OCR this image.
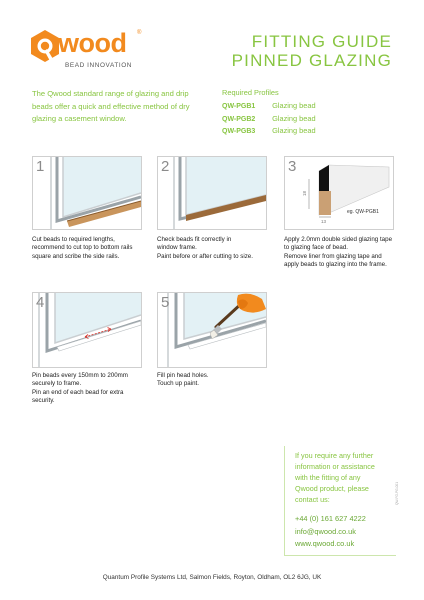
wood ®
BEAD INNOVATION
FITTING GUIDE
PINNED GLAZING
The Qwood standard range of glazing and drip
beads offer a quick and effective method of dry
glazing a casement window.
Required Profiles
QW-PGB1 Glazing bead
QW-PGB2 Glazing bead
QW-PGB3 Glazing bead
1
Cut beads to required lengths,
recommend to cut top to bottom rails
square and scribe the side rails.
2
Check beads fit correctly in
window frame.
Paint before or after cutting to size.
3
18
13
eg. QW-PGB1
Apply 2.0mm double sided glazing tape
to glazing face of bead.
Remove liner from glazing tape and
apply beads to glazing into the frame.
4
Pin beads every 150mm to 200mm
securely to frame.
Pin an end of each bead for extra
security.
5
Fill pin head holes.
Touch up paint.
If you require any further
information or assistance
with the fitting of any
Qwood product, please
contact us:
+44 (0) 161 627 4222
info@qwood.co.uk
www.qwood.co.uk
QW-FG-PG-001
Quantum Profile Systems Ltd, Salmon Fields, Royton, Oldham, OL2 6JG, UK
